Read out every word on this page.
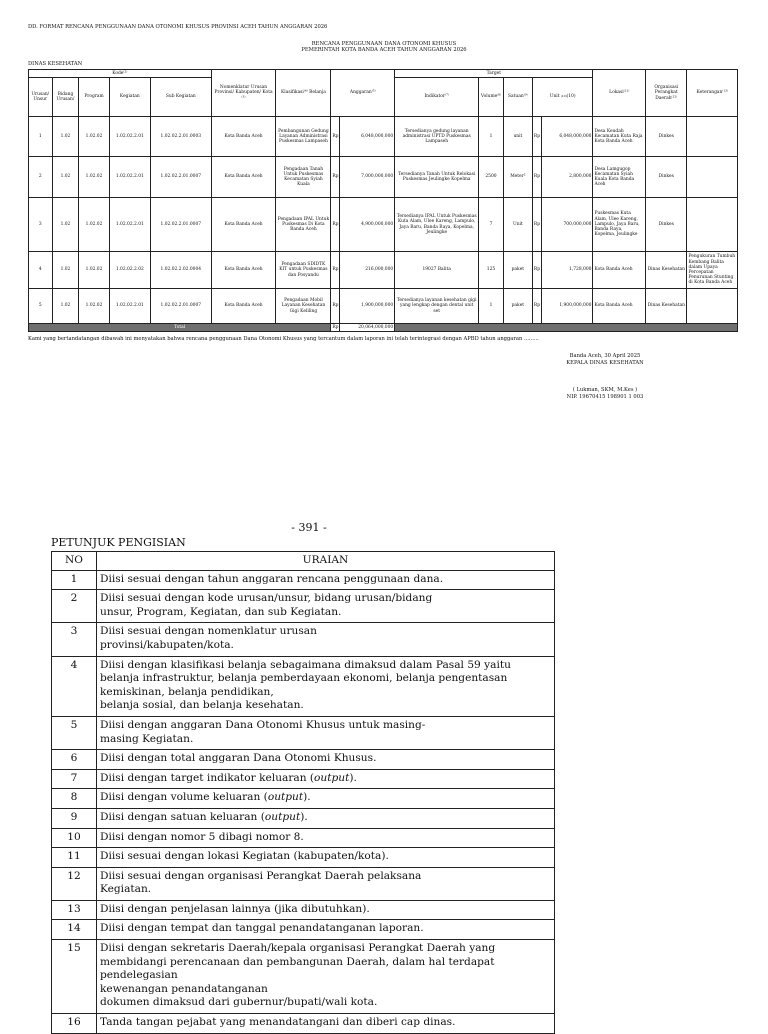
DD. FORMAT RENCANA PENGGUNAAN DANA OTONOMI KHUSUS PROVINSI ACEH TAHUN ANGGARAN 2026
RENCANA PENGGUNAAN DANA OTONOMI KHUSUS
PEMERINTAH KOTA BANDA ACEH TAHUN ANGGARAN 2026
DINAS KESEHATAN
Kode⁽²⁾					Nomenklatur Urusan Provinsi/ Kabupaten/ Kota ⁽³⁾	Klasifikasi⁽⁴⁾ Belanja	Anggaran⁽⁵⁾		Target					Lokasi⁽¹¹⁾	Organisasi Perangkat Daerah⁽¹²⁾	Keterangan⁽¹³⁾
Urusan/ Unsur	Bidang Urusan/	Program	Kegiatan	Sub Kegiatan					Indikator⁽⁷⁾	Volume⁽⁸⁾	Satuan⁽⁹⁾	Unit ₍₁₀₎(10)				
1	1.02	1.02.02	1.02.02.2.01	1.02.02.2.01.0003	Kota Banda Aceh	Pembangunan Gedung Layanan Administrasi Puskesmas Lampaseh	Rp	6,048,000,000	Tersedianya gedung layanan administrasi UPTD Puskesmas Lampaseh	1	unit	Rp	6,048,000,000	Desa Keudah Kecamatan Kuta Raja Kota Banda Aceh	Dinkes	
2	1.02	1.02.02	1.02.02.2.01	1.02.02.2.01.0007	Kota Banda Aceh	Pengadaan Tanah Untuk Puskesmas Kecamatan Syiah Kuala	Rp	7,000,000,000	Tersedianya Tanah Untuk Relokasi Puskesmas Jeulingke Kopelma	2500	Meter²	Rp	2,800,000	Desa Lamgugop Kecamatan Syiah Kuala Kota Banda Aceh	Dinkes	
3	1.02	1.02.02	1.02.02.2.01	1.02.02.2.01.0007	Kota Banda Aceh	Pengadaan IPAL Untuk Puskesmas Di Kota Banda Aceh	Rp	4,900,000,000	Tersedianya IPAL Untuk Puskesmas Kuta Alam, Ulee Kareng, Lampulo, Jaya Baru, Banda Raya, Kopelma, Jeulingke	7	Unit	Rp	700,000,000	Puskesmas Kuta Alam, Ulee Kareng, Lampulo, Jaya Baru, Banda Raya, Kopelma, Jeulingke	Dinkes	
4	1.02	1.02.02	1.02.02.2.02	1.02.02.2.02.0004	Kota Banda Aceh	Pengadaan SDIDTK KIT untuk Puskesmas dan Posyandu	Rp	216,000,000	19027 Balita	125	paket	Rp	1,728,000	Kota Banda Aceh	Dinas Kesehatan	Pengukuran Tumbuh Kembang Balita dalam Upaya Percepatan Penurunan Stunting di Kota Banda Aceh
5	1.02	1.02.02	1.02.02.2.01	1.02.02.2.01.0007	Kota Banda Aceh	Pengadaan Mobil Layanan Kesehatan Gigi Keliling	Rp	1,900,000,000	Tersedianya layanan kesehatan gigi yang lengkap dengan dental unit set	1	paket	Rp	1,900,000,000	Kota Banda Aceh	Dinas Kesehatan	
Total							Rp	20,064,000,000								
Kami yang bertandatangan dibawah ini menyatakan bahwa rencana penggunaan Dana Otonomi Khusus yang tercantum dalam laporan ini telah terintegrasi dengan APBD tahun anggaran .........
Banda Aceh, 30 April 2025
KEPALA DINAS KESEHATAN
( Lukman, SKM, M.Kes )
NIP. 19670415 198901 1 003
- 391 -
PETUNJUK PENGISIAN
NO	URAIAN
1	Diisi sesuai dengan tahun anggaran rencana penggunaan dana.
2	Diisi sesuai dengan kode urusan/unsur, bidang urusan/bidang
unsur, Program, Kegiatan, dan sub Kegiatan.
3	Diisi sesuai dengan nomenklatur urusan
provinsi/kabupaten/kota.
4	Diisi dengan klasifikasi belanja sebagaimana dimaksud dalam Pasal 59 yaitu
belanja infrastruktur, belanja pemberdayaan ekonomi, belanja pengentasan
kemiskinan, belanja pendidikan,
belanja sosial, dan belanja kesehatan.
5	Diisi dengan anggaran Dana Otonomi Khusus untuk masing-
masing Kegiatan.
6	Diisi dengan total anggaran Dana Otonomi Khusus.
7	Diisi dengan target indikator keluaran (output).
8	Diisi dengan volume keluaran (output).
9	Diisi dengan satuan keluaran (output).
10	Diisi dengan nomor 5 dibagi nomor 8.
11	Diisi sesuai dengan lokasi Kegiatan (kabupaten/kota).
12	Diisi sesuai dengan organisasi Perangkat Daerah pelaksana
Kegiatan.
13	Diisi dengan penjelasan lainnya (jika dibutuhkan).
14	Diisi dengan tempat dan tanggal penandatanganan laporan.
15	Diisi dengan sekretaris Daerah/kepala organisasi Perangkat Daerah yang
membidangi perencanaan dan pembangunan Daerah, dalam hal terdapat pendelegasian
kewenangan penandatanganan
dokumen dimaksud dari gubernur/bupati/wali kota.
16	Tanda tangan pejabat yang menandatangani dan diberi cap dinas.
